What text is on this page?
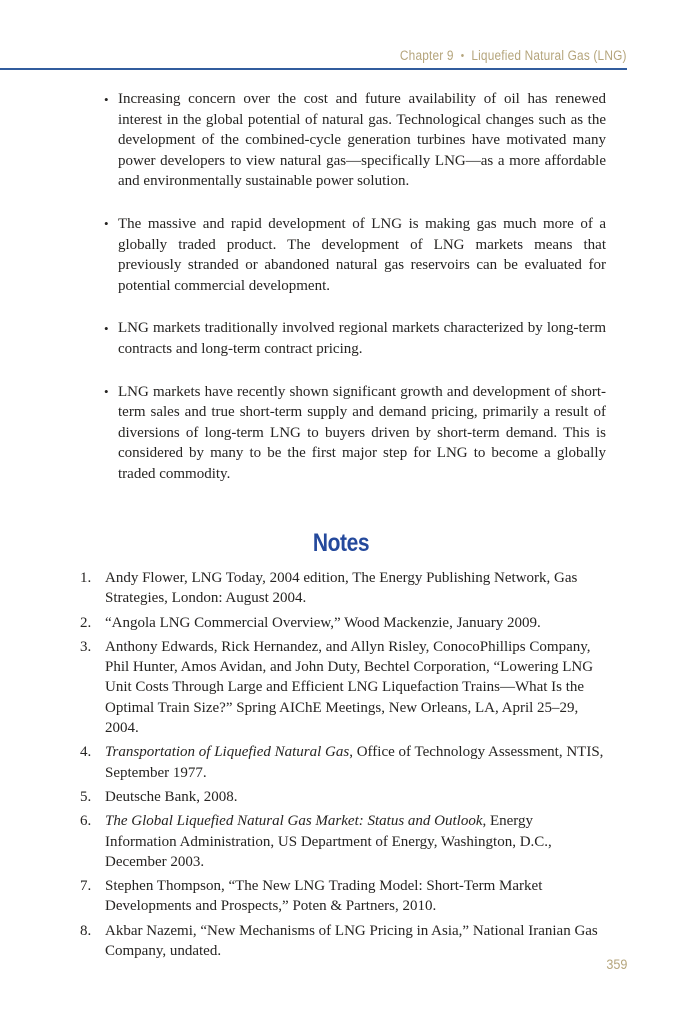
Chapter 9 • Liquefied Natural Gas (LNG)
• Increasing concern over the cost and future availability of oil has renewed interest in the global potential of natural gas. Technological changes such as the development of the combined-cycle generation turbines have motivated many power developers to view natural gas—specifically LNG—as a more affordable and environmentally sustainable power solution.
• The massive and rapid development of LNG is making gas much more of a globally traded product. The development of LNG markets means that previously stranded or abandoned natural gas reservoirs can be evaluated for potential commercial development.
• LNG markets traditionally involved regional markets characterized by long-term contracts and long-term contract pricing.
• LNG markets have recently shown significant growth and development of short-term sales and true short-term supply and demand pricing, primarily a result of diversions of long-term LNG to buyers driven by short-term demand. This is considered by many to be the first major step for LNG to become a globally traded commodity.
Notes
1. Andy Flower, LNG Today, 2004 edition, The Energy Publishing Network, Gas Strategies, London: August 2004.
2. “Angola LNG Commercial Overview,” Wood Mackenzie, January 2009.
3. Anthony Edwards, Rick Hernandez, and Allyn Risley, ConocoPhillips Company, Phil Hunter, Amos Avidan, and John Duty, Bechtel Corporation, “Lowering LNG Unit Costs Through Large and Efficient LNG Liquefaction Trains—What Is the Optimal Train Size?” Spring AIChE Meetings, New Orleans, LA, April 25–29, 2004.
4. Transportation of Liquefied Natural Gas, Office of Technology Assessment, NTIS, September 1977.
5. Deutsche Bank, 2008.
6. The Global Liquefied Natural Gas Market: Status and Outlook, Energy Information Administration, US Department of Energy, Washington, D.C., December 2003.
7. Stephen Thompson, “The New LNG Trading Model: Short-Term Market Developments and Prospects,” Poten & Partners, 2010.
8. Akbar Nazemi, “New Mechanisms of LNG Pricing in Asia,” National Iranian Gas Company, undated.
359
